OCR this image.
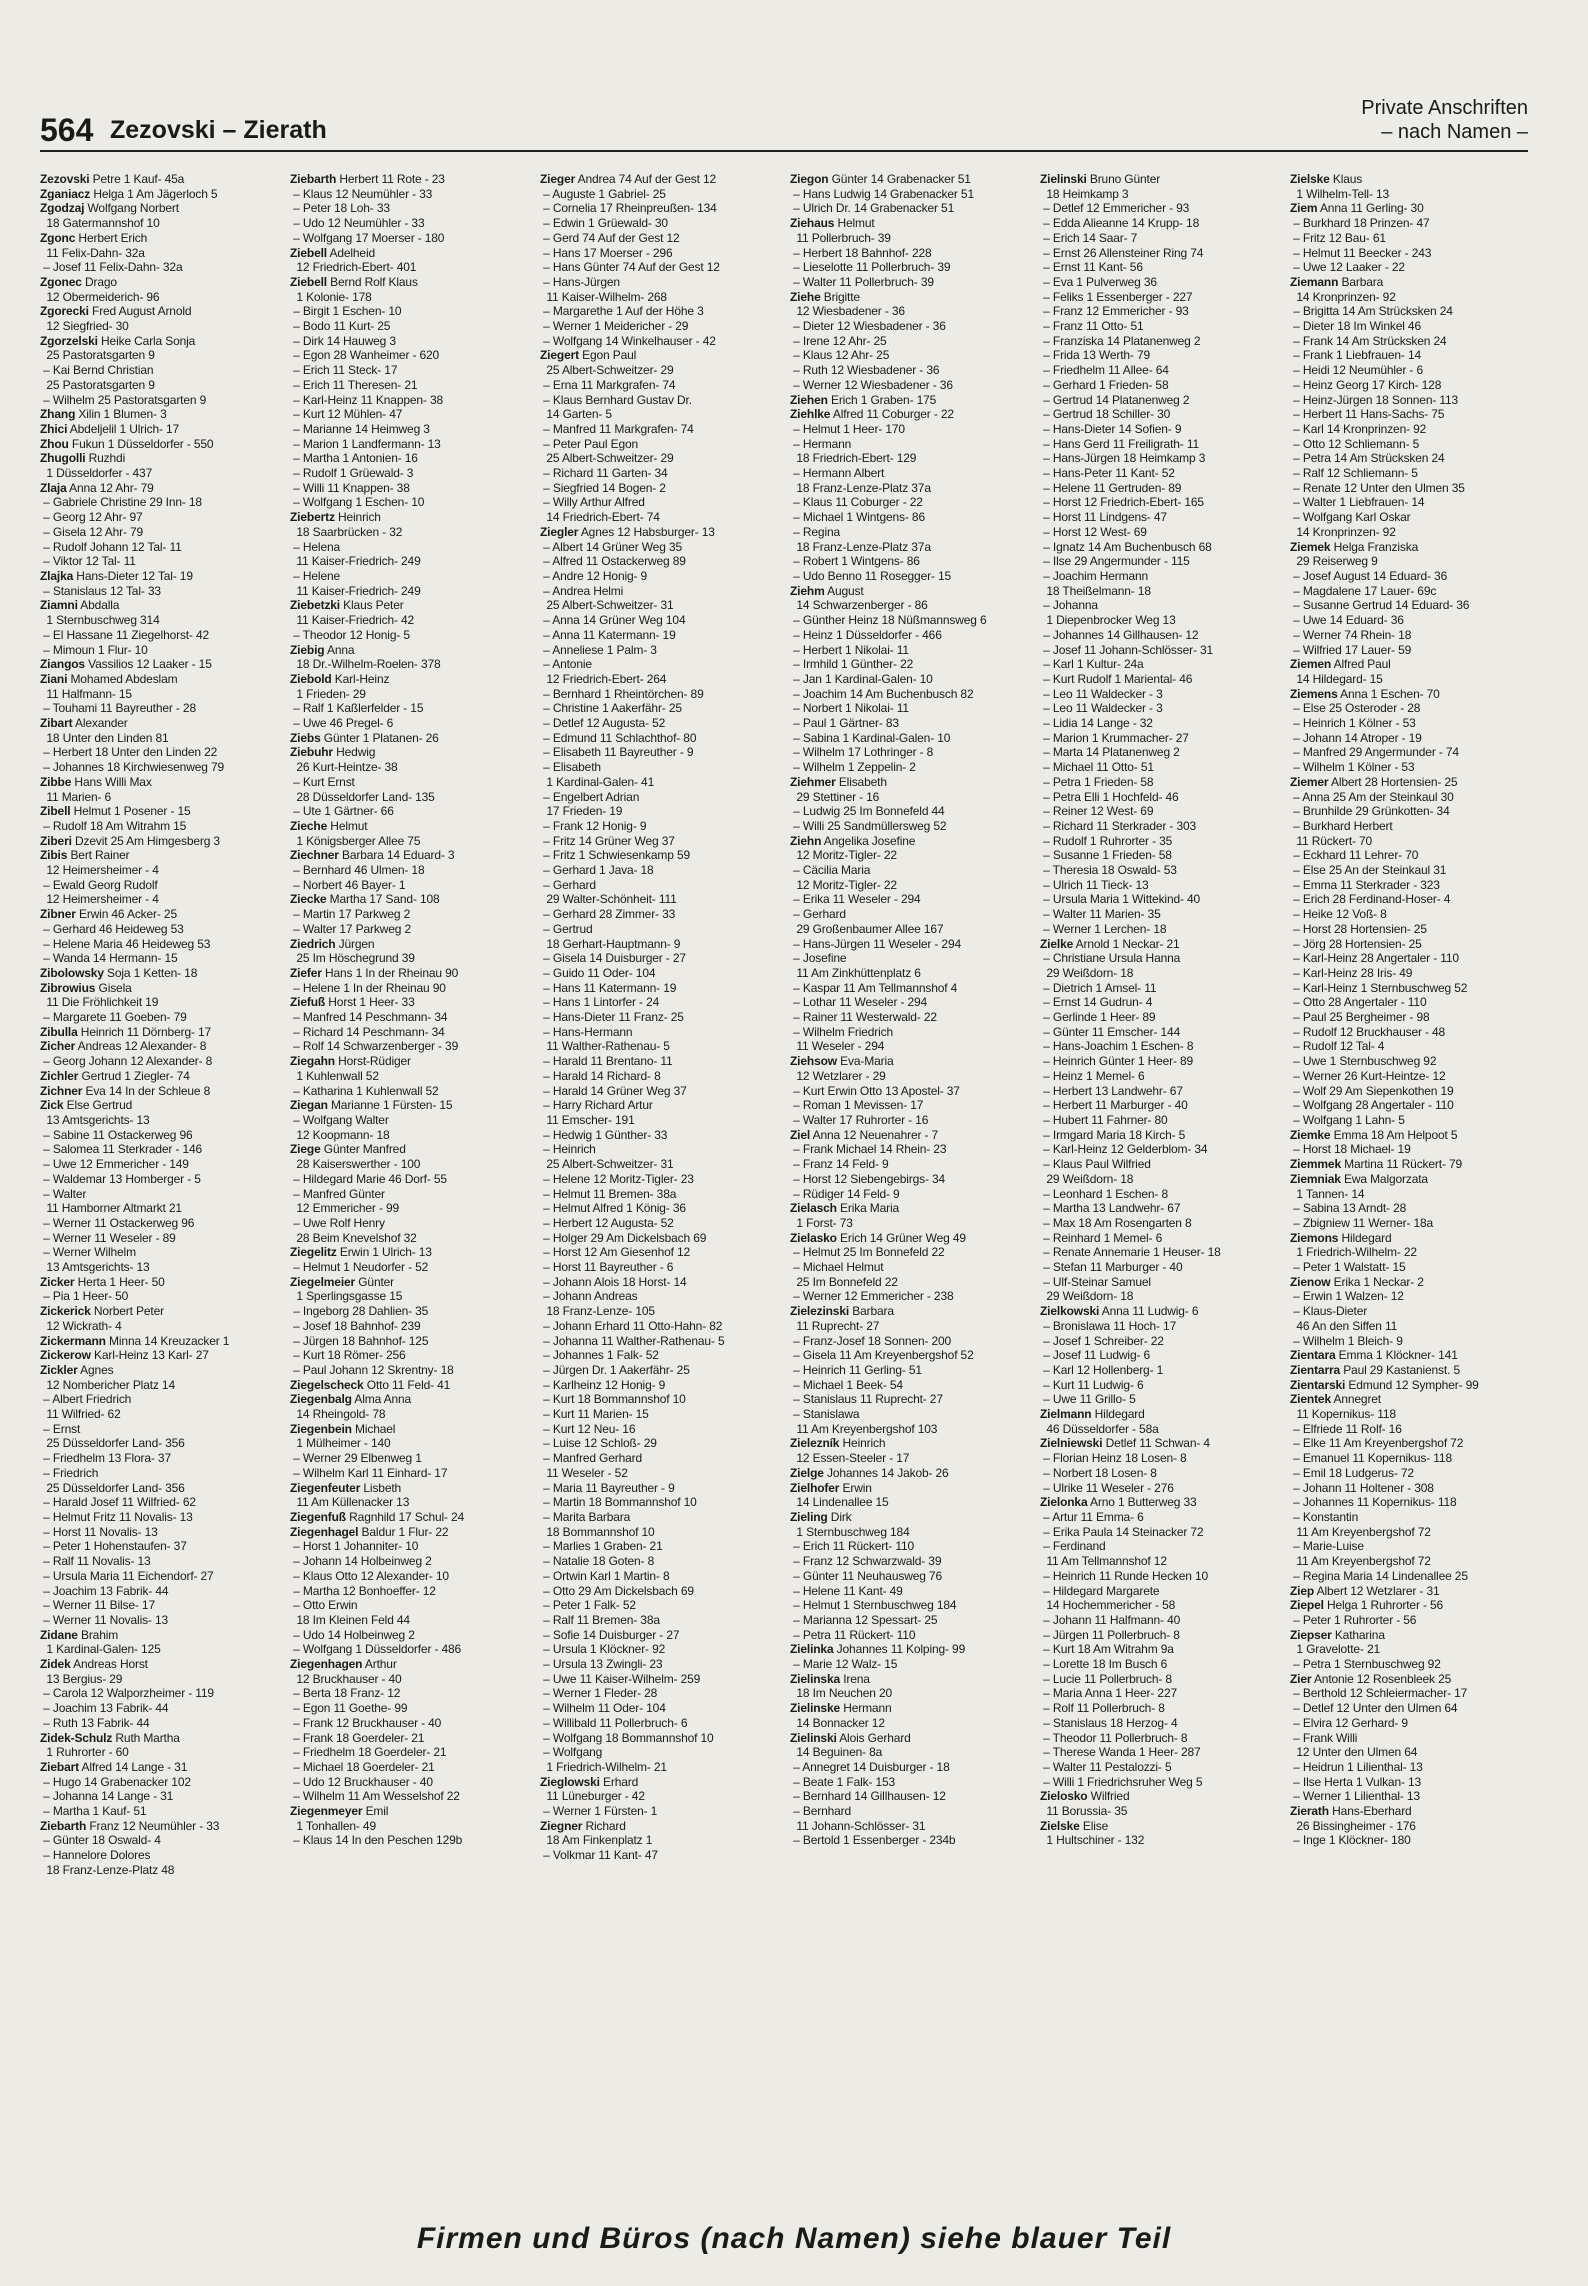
564 Zezovski – Zierath
Private Anschriften
– nach Namen –
Zezovski Petre 1 Kauf- 45a
Zganiacz Helga 1 Am Jägerloch 5
Zgodzaj Wolfgang Norbert
18 Gatermannshof 10
Zgonc Herbert Erich
11 Felix-Dahn- 32a
– Josef 11 Felix-Dahn- 32a
Zgonec Drago
12 Obermeiderich- 96
Zgorecki Fred August Arnold
12 Siegfried- 30
Zgorzelski Heike Carla Sonja
25 Pastoratsgarten 9
– Kai Bernd Christian
25 Pastoratsgarten 9
– Wilhelm 25 Pastoratsgarten 9
Zhang Xilin 1 Blumen- 3
Zhici Abdeljelil 1 Ulrich- 17
Zhou Fukun 1 Düsseldorfer - 550
Zhugolli Ruzhdi
1 Düsseldorfer - 437
Zlaja Anna 12 Ahr- 79
– Gabriele Christine 29 Inn- 18
– Georg 12 Ahr- 97
– Gisela 12 Ahr- 79
– Rudolf Johann 12 Tal- 11
– Viktor 12 Tal- 11
Zlajka Hans-Dieter 12 Tal- 19
– Stanislaus 12 Tal- 33
Ziamni Abdalla
1 Sternbuschweg 314
– El Hassane 11 Ziegelhorst- 42
– Mimoun 1 Flur- 10
Ziangos Vassilios 12 Laaker - 15
Ziani Mohamed Abdeslam
11 Halfmann- 15
– Touhami 11 Bayreuther - 28
Zibart Alexander
18 Unter den Linden 81
– Herbert 18 Unter den Linden 22
– Johannes 18 Kirchwiesenweg 79
Zibbe Hans Willi Max
11 Marien- 6
Zibell Helmut 1 Posener - 15
– Rudolf 18 Am Witrahm 15
Ziberi Dzevit 25 Am Himgesberg 3
Zibis Bert Rainer
12 Heimersheimer - 4
– Ewald Georg Rudolf
12 Heimersheimer - 4
Zibner Erwin 46 Acker- 25
– Gerhard 46 Heideweg 53
– Helene Maria 46 Heideweg 53
– Wanda 14 Hermann- 15
Zibolowsky Soja 1 Ketten- 18
Zibrowius Gisela
11 Die Fröhlichkeit 19
– Margarete 11 Goeben- 79
Zibulla Heinrich 11 Dörnberg- 17
Zicher Andreas 12 Alexander- 8
– Georg Johann 12 Alexander- 8
Zichler Gertrud 1 Ziegler- 74
Zichner Eva 14 In der Schleue 8
Zick Else Gertrud
13 Amtsgerichts- 13
– Sabine 11 Ostackerweg 96
– Salomea 11 Sterkrader - 146
– Uwe 12 Emmericher - 149
– Waldemar 13 Homberger - 5
– Walter
11 Hamborner Altmarkt 21
– Werner 11 Ostackerweg 96
– Werner 11 Weseler - 89
– Werner Wilhelm
13 Amtsgerichts- 13
Zicker Herta 1 Heer- 50
– Pia 1 Heer- 50
Zickerick Norbert Peter
12 Wickrath- 4
Zickermann Minna 14 Kreuzacker 1
Zickerow Karl-Heinz 13 Karl- 27
Zickler Agnes
12 Nombericher Platz 14
– Albert Friedrich
11 Wilfried- 62
– Ernst
25 Düsseldorfer Land- 356
– Friedhelm 13 Flora- 37
– Friedrich
25 Düsseldorfer Land- 356
– Harald Josef 11 Wilfried- 62
– Helmut Fritz 11 Novalis- 13
– Horst 11 Novalis- 13
– Peter 1 Hohenstaufen- 37
– Ralf 11 Novalis- 13
– Ursula Maria 11 Eichendorf- 27
– Joachim 13 Fabrik- 44
– Werner 11 Bilse- 17
– Werner 11 Novalis- 13
Zidane Brahim
1 Kardinal-Galen- 125
Zidek Andreas Horst
13 Bergius- 29
– Carola 12 Walporzheimer - 119
– Joachim 13 Fabrik- 44
– Ruth 13 Fabrik- 44
Zidek-Schulz Ruth Martha
1 Ruhrorter - 60
Ziebart Alfred 14 Lange - 31
– Hugo 14 Grabenacker 102
– Johanna 14 Lange - 31
– Martha 1 Kauf- 51
Ziebarth Franz 12 Neumühler - 33
– Günter 18 Oswald- 4
– Hannelore Dolores
18 Franz-Lenze-Platz 48
Ziebarth Herbert 11 Rote - 23
– Klaus 12 Neumühler - 33
– Peter 18 Loh- 33
– Udo 12 Neumühler - 33
– Wolfgang 17 Moerser - 180
Ziebell Adelheid
12 Friedrich-Ebert- 401
Ziebell Bernd Rolf Klaus
1 Kolonie- 178
– Birgit 1 Eschen- 10
– Bodo 11 Kurt- 25
– Dirk 14 Hauweg 3
– Egon 28 Wanheimer - 620
– Erich 11 Steck- 17
– Erich 11 Theresen- 21
– Karl-Heinz 11 Knappen- 38
– Kurt 12 Mühlen- 47
– Marianne 14 Heimweg 3
– Marion 1 Landfermann- 13
– Martha 1 Antonien- 16
– Rudolf 1 Grüewald- 3
– Willi 11 Knappen- 38
– Wolfgang 1 Eschen- 10
Ziebertz Heinrich
18 Saarbrücken - 32
– Helena
11 Kaiser-Friedrich- 249
– Helene
11 Kaiser-Friedrich- 249
Ziebetzki Klaus Peter
11 Kaiser-Friedrich- 42
– Theodor 12 Honig- 5
Ziebig Anna
18 Dr.-Wilhelm-Roelen- 378
Ziebold Karl-Heinz
1 Frieden- 29
– Ralf 1 Kaßlerfelder - 15
– Uwe 46 Pregel- 6
Ziebs Günter 1 Platanen- 26
Ziebuhr Hedwig
26 Kurt-Heintze- 38
– Kurt Ernst
28 Düsseldorfer Land- 135
– Ute 1 Gärtner- 66
Zieche Helmut
1 Königsberger Allee 75
Ziechner Barbara 14 Eduard- 3
– Bernhard 46 Ulmen- 18
– Norbert 46 Bayer- 1
Ziecke Martha 17 Sand- 108
– Martin 17 Parkweg 2
– Walter 17 Parkweg 2
Ziedrich Jürgen
25 Im Höschegrund 39
Ziefer Hans 1 In der Rheinau 90
– Helene 1 In der Rheinau 90
Ziefuß Horst 1 Heer- 33
– Manfred 14 Peschmann- 34
– Richard 14 Peschmann- 34
– Rolf 14 Schwarzenberger - 39
Ziegahn Horst-Rüdiger
1 Kuhlenwall 52
– Katharina 1 Kuhlenwall 52
Ziegan Marianne 1 Fürsten- 15
– Wolfgang Walter
12 Koopmann- 18
Ziege Günter Manfred
28 Kaiserswerther - 100
– Hildegard Marie 46 Dorf- 55
– Manfred Günter
12 Emmericher - 99
– Uwe Rolf Henry
28 Beim Knevelshof 32
Ziegelitz Erwin 1 Ulrich- 13
– Helmut 1 Neudorfer - 52
Ziegelmeier Günter
1 Sperlingsgasse 15
– Ingeborg 28 Dahlien- 35
– Josef 18 Bahnhof- 239
– Jürgen 18 Bahnhof- 125
– Kurt 18 Römer- 256
– Paul Johann 12 Skrentny- 18
Ziegelscheck Otto 11 Feld- 41
Ziegenbalg Alma Anna
14 Rheingold- 78
Ziegenbein Michael
1 Mülheimer - 140
– Werner 29 Elbenweg 1
– Wilhelm Karl 11 Einhard- 17
Ziegenfeuter Lisbeth
11 Am Küllenacker 13
Ziegenfuß Ragnhild 17 Schul- 24
Ziegenhagel Baldur 1 Flur- 22
– Horst 1 Johanniter- 10
– Johann 14 Holbeinweg 2
– Klaus Otto 12 Alexander- 10
– Martha 12 Bonhoeffer- 12
– Otto Erwin
18 Im Kleinen Feld 44
– Udo 14 Holbeinweg 2
– Wolfgang 1 Düsseldorfer - 486
Ziegenhagen Arthur
12 Bruckhauser - 40
– Berta 18 Franz- 12
– Egon 11 Goethe- 99
– Frank 12 Bruckhauser - 40
– Frank 18 Goerdeler- 21
– Friedhelm 18 Goerdeler- 21
– Michael 18 Goerdeler- 21
– Udo 12 Bruckhauser - 40
– Wilhelm 11 Am Wesselshof 22
Ziegenmeyer Emil
1 Tonhallen- 49
– Klaus 14 In den Peschen 129b
Zieger Andrea 74 Auf der Gest 12
– Auguste 1 Gabriel- 25
– Cornelia 17 Rheinpreußen- 134
– Edwin 1 Grüewald- 30
– Gerd 74 Auf der Gest 12
– Hans 17 Moerser - 296
– Hans Günter 74 Auf der Gest 12
– Hans-Jürgen
11 Kaiser-Wilhelm- 268
– Margarethe 1 Auf der Höhe 3
– Werner 1 Meidericher - 29
– Wolfgang 14 Winkelhauser - 42
Ziegert Egon Paul
25 Albert-Schweitzer- 29
– Erna 11 Markgrafen- 74
– Klaus Bernhard Gustav Dr.
14 Garten- 5
– Manfred 11 Markgrafen- 74
– Peter Paul Egon
25 Albert-Schweitzer- 29
– Richard 11 Garten- 34
– Siegfried 14 Bogen- 2
– Willy Arthur Alfred
14 Friedrich-Ebert- 74
Ziegler Agnes 12 Habsburger- 13
– Albert 14 Grüner Weg 35
– Alfred 11 Ostackerweg 89
– Andre 12 Honig- 9
– Andrea Helmi
25 Albert-Schweitzer- 31
– Anna 14 Grüner Weg 104
– Anna 11 Katermann- 19
– Anneliese 1 Palm- 3
– Antonie
12 Friedrich-Ebert- 264
– Bernhard 1 Rheintörchen- 89
– Christine 1 Aakerfähr- 25
– Detlef 12 Augusta- 52
– Edmund 11 Schlachthof- 80
– Elisabeth 11 Bayreuther - 9
– Elisabeth
1 Kardinal-Galen- 41
– Engelbert Adrian
17 Frieden- 19
– Frank 12 Honig- 9
– Fritz 14 Grüner Weg 37
– Fritz 1 Schwiesenkamp 59
– Gerhard 1 Java- 18
– Gerhard
29 Walter-Schönheit- 111
– Gerhard 28 Zimmer- 33
– Gertrud
18 Gerhart-Hauptmann- 9
– Gisela 14 Duisburger - 27
– Guido 11 Oder- 104
– Hans 11 Katermann- 19
– Hans 1 Lintorfer - 24
– Hans-Dieter 11 Franz- 25
– Hans-Hermann
11 Walther-Rathenau- 5
– Harald 11 Brentano- 11
– Harald 14 Richard- 8
– Harald 14 Grüner Weg 37
– Harry Richard Artur
11 Emscher- 191
– Hedwig 1 Günther- 33
– Heinrich
25 Albert-Schweitzer- 31
– Helene 12 Moritz-Tigler- 23
– Helmut 11 Bremen- 38a
– Helmut Alfred 1 König- 36
– Herbert 12 Augusta- 52
– Holger 29 Am Dickelsbach 69
– Horst 12 Am Giesenhof 12
– Horst 11 Bayreuther - 6
– Johann Alois 18 Horst- 14
– Johann Andreas
18 Franz-Lenze- 105
– Johann Erhard 11 Otto-Hahn- 82
– Johanna 11 Walther-Rathenau- 5
– Johannes 1 Falk- 52
– Jürgen Dr. 1 Aakerfähr- 25
– Karlheinz 12 Honig- 9
– Kurt 18 Bommannshof 10
– Kurt 11 Marien- 15
– Kurt 12 Neu- 16
– Luise 12 Schloß- 29
– Manfred Gerhard
11 Weseler - 52
– Maria 11 Bayreuther - 9
– Martin 18 Bommannshof 10
– Marita Barbara
18 Bommannshof 10
– Marlies 1 Graben- 21
– Natalie 18 Goten- 8
– Ortwin Karl 1 Martin- 8
– Otto 29 Am Dickelsbach 69
– Peter 1 Falk- 52
– Ralf 11 Bremen- 38a
– Sofie 14 Duisburger - 27
– Ursula 1 Klöckner- 92
– Ursula 13 Zwingli- 23
– Uwe 11 Kaiser-Wilhelm- 259
– Werner 1 Fleder- 28
– Wilhelm 11 Oder- 104
– Willibald 11 Pollerbruch- 6
– Wolfgang 18 Bommannshof 10
– Wolfgang
1 Friedrich-Wilhelm- 21
Zieglowski Erhard
11 Lüneburger - 42
– Werner 1 Fürsten- 1
Ziegner Richard
18 Am Finkenplatz 1
– Volkmar 11 Kant- 47
Ziegon Günter 14 Grabenacker 51
– Hans Ludwig 14 Grabenacker 51
– Ulrich Dr. 14 Grabenacker 51
Ziehaus Helmut
11 Pollerbruch- 39
– Herbert 18 Bahnhof- 228
– Lieselotte 11 Pollerbruch- 39
– Walter 11 Pollerbruch- 39
Ziehe Brigitte
12 Wiesbadener - 36
– Dieter 12 Wiesbadener - 36
– Irene 12 Ahr- 25
– Klaus 12 Ahr- 25
– Ruth 12 Wiesbadener - 36
– Werner 12 Wiesbadener - 36
Ziehen Erich 1 Graben- 175
Ziehlke Alfred 11 Coburger - 22
– Helmut 1 Heer- 170
– Hermann
18 Friedrich-Ebert- 129
– Hermann Albert
18 Franz-Lenze-Platz 37a
– Klaus 11 Coburger - 22
– Michael 1 Wintgens- 86
– Regina
18 Franz-Lenze-Platz 37a
– Robert 1 Wintgens- 86
– Udo Benno 11 Rosegger- 15
Ziehm August
14 Schwarzenberger - 86
– Günther Heinz 18 Nüßmannsweg 6
– Heinz 1 Düsseldorfer - 466
– Herbert 1 Nikolai- 11
– Irmhild 1 Günther- 22
– Jan 1 Kardinal-Galen- 10
– Joachim 14 Am Buchenbusch 82
– Norbert 1 Nikolai- 11
– Paul 1 Gärtner- 83
– Sabina 1 Kardinal-Galen- 10
– Wilhelm 17 Lothringer - 8
– Wilhelm 1 Zeppelin- 2
Ziehmer Elisabeth
29 Stettiner - 16
– Ludwig 25 Im Bonnefeld 44
– Willi 25 Sandmüllersweg 52
Ziehn Angelika Josefine
12 Moritz-Tigler- 22
– Cäcilia Maria
12 Moritz-Tigler- 22
– Erika 11 Weseler - 294
– Gerhard
29 Großenbaumer Allee 167
– Hans-Jürgen 11 Weseler - 294
– Josefine
11 Am Zinkhüttenplatz 6
– Kaspar 11 Am Tellmannshof 4
– Lothar 11 Weseler - 294
– Rainer 11 Westerwald- 22
– Wilhelm Friedrich
11 Weseler - 294
Ziehsow Eva-Maria
12 Wetzlarer - 29
– Kurt Erwin Otto 13 Apostel- 37
– Roman 1 Mevissen- 17
– Walter 17 Ruhrorter - 16
Ziel Anna 12 Neuenahrer - 7
– Frank Michael 14 Rhein- 23
– Franz 14 Feld- 9
– Horst 12 Siebengebirgs- 34
– Rüdiger 14 Feld- 9
Zielasch Erika Maria
1 Forst- 73
Zielasko Erich 14 Grüner Weg 49
– Helmut 25 Im Bonnefeld 22
– Michael Helmut
25 Im Bonnefeld 22
– Werner 12 Emmericher - 238
Zielezinski Barbara
11 Ruprecht- 27
– Franz-Josef 18 Sonnen- 200
– Gisela 11 Am Kreyenbergshof 52
– Heinrich 11 Gerling- 51
– Michael 1 Beek- 54
– Stanislaus 11 Ruprecht- 27
– Stanislawa
11 Am Kreyenbergshof 103
Zielezník Heinrich
12 Essen-Steeler - 17
Zielge Johannes 14 Jakob- 26
Zielhofer Erwin
14 Lindenallee 15
Zieling Dirk
1 Sternbuschweg 184
– Erich 11 Rückert- 110
– Franz 12 Schwarzwald- 39
– Günter 11 Neuhausweg 76
– Helene 11 Kant- 49
– Helmut 1 Sternbuschweg 184
– Marianna 12 Spessart- 25
– Petra 11 Rückert- 110
Zielinka Johannes 11 Kolping- 99
– Marie 12 Walz- 15
Zielinska Irena
18 Im Neuchen 20
Zielinske Hermann
14 Bonnacker 12
Zielinski Alois Gerhard
14 Beguinen- 8a
– Annegret 14 Duisburger - 18
– Beate 1 Falk- 153
– Bernhard 14 Gillhausen- 12
– Bernhard
11 Johann-Schlösser- 31
– Bertold 1 Essenberger - 234b
Zielinski Bruno Günter
18 Heimkamp 3
– Detlef 12 Emmericher - 93
– Edda Alieanne 14 Krupp- 18
– Erich 14 Saar- 7
– Ernst 26 Allensteiner Ring 74
– Ernst 11 Kant- 56
– Eva 1 Pulverweg 36
– Feliks 1 Essenberger - 227
– Franz 12 Emmericher - 93
– Franz 11 Otto- 51
– Franziska 14 Platanenweg 2
– Frida 13 Werth- 79
– Friedhelm 11 Allee- 64
– Gerhard 1 Frieden- 58
– Gertrud 14 Platanenweg 2
– Gertrud 18 Schiller- 30
– Hans-Dieter 14 Sofien- 9
– Hans Gerd 11 Freiligrath- 11
– Hans-Jürgen 18 Heimkamp 3
– Hans-Peter 11 Kant- 52
– Helene 11 Gertruden- 89
– Horst 12 Friedrich-Ebert- 165
– Horst 11 Lindgens- 47
– Horst 12 West- 69
– Ignatz 14 Am Buchenbusch 68
– Ilse 29 Angermunder - 115
– Joachim Hermann
18 Theißelmann- 18
– Johanna
1 Diepenbrocker Weg 13
– Johannes 14 Gillhausen- 12
– Josef 11 Johann-Schlösser- 31
– Karl 1 Kultur- 24a
– Kurt Rudolf 1 Mariental- 46
– Leo 11 Waldecker - 3
– Leo 11 Waldecker - 3
– Lidia 14 Lange - 32
– Marion 1 Krummacher- 27
– Marta 14 Platanenweg 2
– Michael 11 Otto- 51
– Petra 1 Frieden- 58
– Petra Elli 1 Hochfeld- 46
– Reiner 12 West- 69
– Richard 11 Sterkrader - 303
– Rudolf 1 Ruhrorter - 35
– Susanne 1 Frieden- 58
– Theresia 18 Oswald- 53
– Ulrich 11 Tieck- 13
– Ursula Maria 1 Wittekind- 40
– Walter 11 Marien- 35
– Werner 1 Lerchen- 18
Zielke Arnold 1 Neckar- 21
– Christiane Ursula Hanna
29 Weißdorn- 18
– Dietrich 1 Amsel- 11
– Ernst 14 Gudrun- 4
– Gerlinde 1 Heer- 89
– Günter 11 Emscher- 144
– Hans-Joachim 1 Eschen- 8
– Heinrich Günter 1 Heer- 89
– Heinz 1 Memel- 6
– Herbert 13 Landwehr- 67
– Herbert 11 Marburger - 40
– Hubert 11 Fahrner- 80
– Irmgard Maria 18 Kirch- 5
– Karl-Heinz 12 Gelderblom- 34
– Klaus Paul Wilfried
29 Weißdorn- 18
– Leonhard 1 Eschen- 8
– Martha 13 Landwehr- 67
– Max 18 Am Rosengarten 8
– Reinhard 1 Memel- 6
– Renate Annemarie 1 Heuser- 18
– Stefan 11 Marburger - 40
– Ulf-Steinar Samuel
29 Weißdorn- 18
Zielkowski Anna 11 Ludwig- 6
– Bronislawa 11 Hoch- 17
– Josef 1 Schreiber- 22
– Josef 11 Ludwig- 6
– Karl 12 Hollenberg- 1
– Kurt 11 Ludwig- 6
– Uwe 11 Grillo- 5
Zielmann Hildegard
46 Düsseldorfer - 58a
Zielniewski Detlef 11 Schwan- 4
– Florian Heinz 18 Losen- 8
– Norbert 18 Losen- 8
– Ulrike 11 Weseler - 276
Zielonka Arno 1 Butterweg 33
– Artur 11 Emma- 6
– Erika Paula 14 Steinacker 72
– Ferdinand
11 Am Tellmannshof 12
– Heinrich 11 Runde Hecken 10
– Hildegard Margarete
14 Hochemmericher - 58
– Johann 11 Halfmann- 40
– Jürgen 11 Pollerbruch- 8
– Kurt 18 Am Witrahm 9a
– Lorette 18 Im Busch 6
– Lucie 11 Pollerbruch- 8
– Maria Anna 1 Heer- 227
– Rolf 11 Pollerbruch- 8
– Stanislaus 18 Herzog- 4
– Theodor 11 Pollerbruch- 8
– Therese Wanda 1 Heer- 287
– Walter 11 Pestalozzi- 5
– Willi 1 Friedrichsruher Weg 5
Zielosko Wilfried
11 Borussia- 35
Zielske Elise
1 Hultschiner - 132
Zielske Klaus
1 Wilhelm-Tell- 13
Ziem Anna 11 Gerling- 30
– Burkhard 18 Prinzen- 47
– Fritz 12 Bau- 61
– Helmut 11 Beecker - 243
– Uwe 12 Laaker - 22
Ziemann Barbara
14 Kronprinzen- 92
– Brigitta 14 Am Strücksken 24
– Dieter 18 Im Winkel 46
– Frank 14 Am Strücksken 24
– Frank 1 Liebfrauen- 14
– Heidi 12 Neumühler - 6
– Heinz Georg 17 Kirch- 128
– Heinz-Jürgen 18 Sonnen- 113
– Herbert 11 Hans-Sachs- 75
– Karl 14 Kronprinzen- 92
– Otto 12 Schliemann- 5
– Petra 14 Am Strücksken 24
– Ralf 12 Schliemann- 5
– Renate 12 Unter den Ulmen 35
– Walter 1 Liebfrauen- 14
– Wolfgang Karl Oskar
14 Kronprinzen- 92
Ziemek Helga Franziska
29 Reiserweg 9
– Josef August 14 Eduard- 36
– Magdalene 17 Lauer- 69c
– Susanne Gertrud 14 Eduard- 36
– Uwe 14 Eduard- 36
– Werner 74 Rhein- 18
– Wilfried 17 Lauer- 59
Ziemen Alfred Paul
14 Hildegard- 15
Ziemens Anna 1 Eschen- 70
– Else 25 Osteroder - 28
– Heinrich 1 Kölner - 53
– Johann 14 Atroper - 19
– Manfred 29 Angermunder - 74
– Wilhelm 1 Kölner - 53
Ziemer Albert 28 Hortensien- 25
– Anna 25 Am der Steinkaul 30
– Brunhilde 29 Grünkotten- 34
– Burkhard Herbert
11 Rückert- 70
– Eckhard 11 Lehrer- 70
– Else 25 An der Steinkaul 31
– Emma 11 Sterkrader - 323
– Erich 28 Ferdinand-Hoser- 4
– Heike 12 Voß- 8
– Horst 28 Hortensien- 25
– Jörg 28 Hortensien- 25
– Karl-Heinz 28 Angertaler - 110
– Karl-Heinz 28 Iris- 49
– Karl-Heinz 1 Sternbuschweg 52
– Otto 28 Angertaler - 110
– Paul 25 Bergheimer - 98
– Rudolf 12 Bruckhauser - 48
– Rudolf 12 Tal- 4
– Uwe 1 Sternbuschweg 92
– Werner 26 Kurt-Heintze- 12
– Wolf 29 Am Siepenkothen 19
– Wolfgang 28 Angertaler - 110
– Wolfgang 1 Lahn- 5
Ziemke Emma 18 Am Helpoot 5
– Horst 18 Michael- 19
Ziemmek Martina 11 Rückert- 79
Ziemniak Ewa Malgorzata
1 Tannen- 14
– Sabina 13 Arndt- 28
– Zbigniew 11 Werner- 18a
Ziemons Hildegard
1 Friedrich-Wilhelm- 22
– Peter 1 Walstatt- 15
Zienow Erika 1 Neckar- 2
– Erwin 1 Walzen- 12
– Klaus-Dieter
46 An den Siffen 11
– Wilhelm 1 Bleich- 9
Zientara Emma 1 Klöckner- 141
Zientarra Paul 29 Kastanienst. 5
Zientarski Edmund 12 Sympher- 99
Zientek Annegret
11 Kopernikus- 118
– Elfriede 11 Rolf- 16
– Elke 11 Am Kreyenbergshof 72
– Emanuel 11 Kopernikus- 118
– Emil 18 Ludgerus- 72
– Johann 11 Holtener - 308
– Johannes 11 Kopernikus- 118
– Konstantin
11 Am Kreyenbergshof 72
– Marie-Luise
11 Am Kreyenbergshof 72
– Regina Maria 14 Lindenallee 25
Ziep Albert 12 Wetzlarer - 31
Ziepel Helga 1 Ruhrorter - 56
– Peter 1 Ruhrorter - 56
Ziepser Katharina
1 Gravelotte- 21
– Petra 1 Sternbuschweg 92
Zier Antonie 12 Rosenbleek 25
– Berthold 12 Schleiermacher- 17
– Detlef 12 Unter den Ulmen 64
– Elvira 12 Gerhard- 9
– Frank Willi
12 Unter den Ulmen 64
– Heidrun 1 Lilienthal- 13
– Ilse Herta 1 Vulkan- 13
– Werner 1 Lilienthal- 13
Zierath Hans-Eberhard
26 Bissingheimer - 176
– Inge 1 Klöckner- 180
Firmen und Büros (nach Namen) siehe blauer Teil
